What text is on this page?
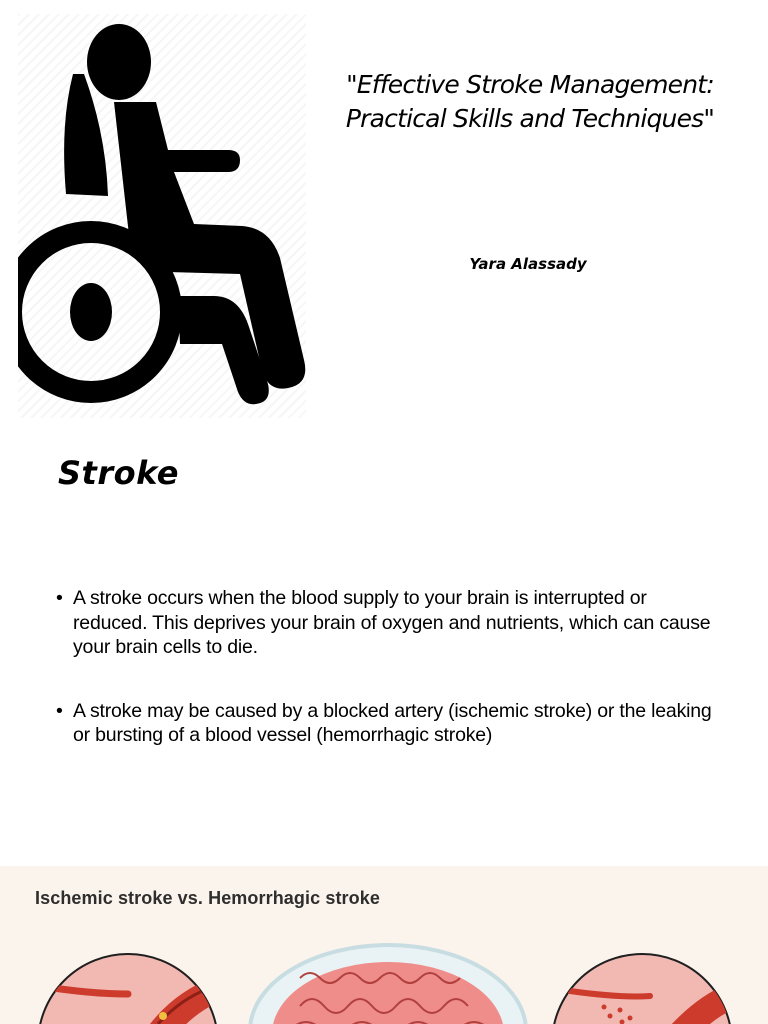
"Effective Stroke Management: Practical Skills and Techniques"
Yara Alassady
Stroke
• A stroke occurs when the blood supply to your brain is interrupted or reduced. This deprives your brain of oxygen and nutrients, which can cause your brain cells to die.
• A stroke may be caused by a blocked artery (ischemic stroke) or the leaking or bursting of a blood vessel (hemorrhagic stroke)
Ischemic stroke vs. Hemorrhagic stroke
